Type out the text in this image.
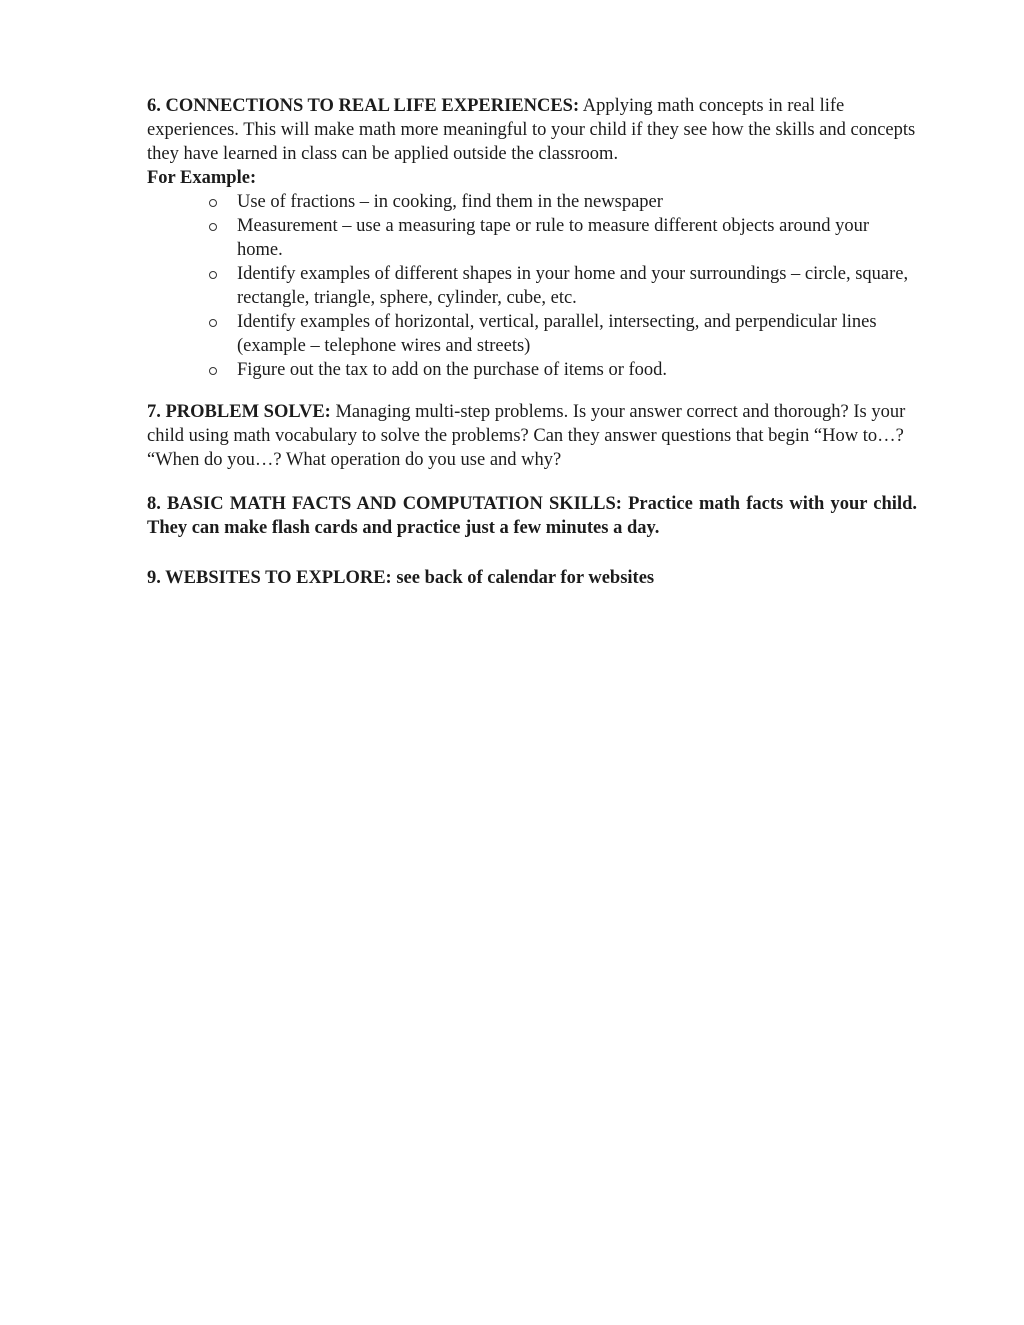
6. CONNECTIONS TO REAL LIFE EXPERIENCES: Applying math concepts in real life experiences. This will make math more meaningful to your child if they see how the skills and concepts they have learned in class can be applied outside the classroom.

For Example:

Use of fractions – in cooking, find them in the newspaper
Measurement – use a measuring tape or rule to measure different objects around your home.
Identify examples of different shapes in your home and your surroundings – circle, square, rectangle, triangle, sphere, cylinder, cube, etc.
Identify examples of horizontal, vertical, parallel, intersecting, and perpendicular lines (example – telephone wires and streets)
Figure out the tax to add on the purchase of items or food.

7. PROBLEM SOLVE: Managing multi-step problems. Is your answer correct and thorough? Is your child using math vocabulary to solve the problems? Can they answer questions that begin “How to…? “When do you…? What operation do you use and why?

8. BASIC MATH FACTS AND COMPUTATION SKILLS: Practice math facts with your child. They can make flash cards and practice just a few minutes a day.

9. WEBSITES TO EXPLORE: see back of calendar for websites
